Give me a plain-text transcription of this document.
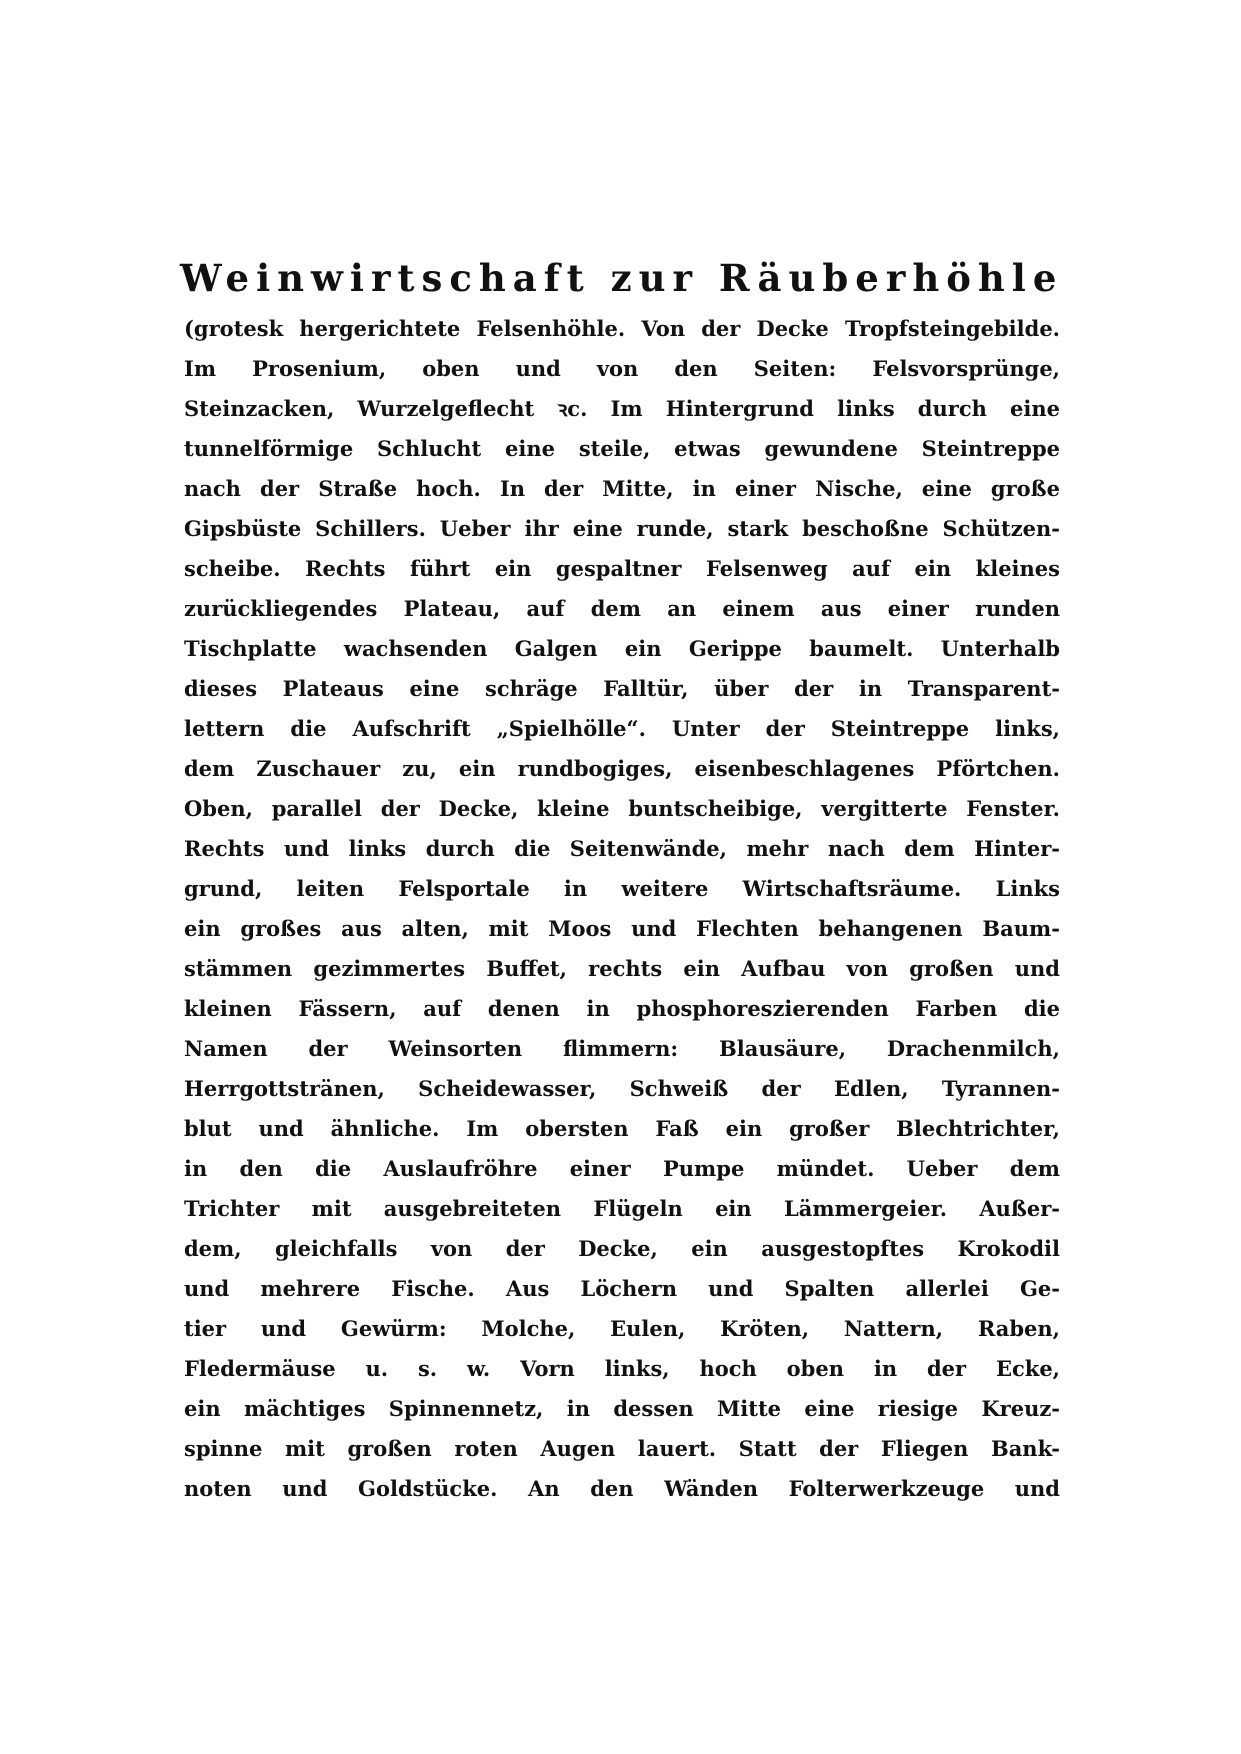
Weinwirtschaft zur Räuberhöhle
(grotesk hergerichtete Felsenhöhle. Von der Decke Tropfsteingebilde.
Im Prosenium, oben und von den Seiten: Felsvorsprünge,
Steinzacken, Wurzelgeflecht ꝛc. Im Hintergrund links durch eine
tunnelförmige Schlucht eine steile, etwas gewundene Steintreppe
nach der Straße hoch. In der Mitte, in einer Nische, eine große
Gipsbüste Schillers. Ueber ihr eine runde, stark beschoßne Schützen-
scheibe. Rechts führt ein gespaltner Felsenweg auf ein kleines
zurückliegendes Plateau, auf dem an einem aus einer runden
Tischplatte wachsenden Galgen ein Gerippe baumelt. Unterhalb
dieses Plateaus eine schräge Falltür, über der in Transparent-
lettern die Aufschrift „Spielhölle“. Unter der Steintreppe links,
dem Zuschauer zu, ein rundbogiges, eisenbeschlagenes Pförtchen.
Oben, parallel der Decke, kleine buntscheibige, vergitterte Fenster.
Rechts und links durch die Seitenwände, mehr nach dem Hinter-
grund, leiten Felsportale in weitere Wirtschaftsräume. Links
ein großes aus alten, mit Moos und Flechten behangenen Baum-
stämmen gezimmertes Buffet, rechts ein Aufbau von großen und
kleinen Fässern, auf denen in phosphoreszierenden Farben die
Namen der Weinsorten flimmern: Blausäure, Drachenmilch,
Herrgottstränen, Scheidewasser, Schweiß der Edlen, Tyrannen-
blut und ähnliche. Im obersten Faß ein großer Blechtrichter,
in den die Auslaufröhre einer Pumpe mündet. Ueber dem
Trichter mit ausgebreiteten Flügeln ein Lämmergeier. Außer-
dem, gleichfalls von der Decke, ein ausgestopftes Krokodil
und mehrere Fische. Aus Löchern und Spalten allerlei Ge-
tier und Gewürm: Molche, Eulen, Kröten, Nattern, Raben,
Fledermäuse u. s. w. Vorn links, hoch oben in der Ecke,
ein mächtiges Spinnennetz, in dessen Mitte eine riesige Kreuz-
spinne mit großen roten Augen lauert. Statt der Fliegen Bank-
noten und Goldstücke. An den Wänden Folterwerkzeuge und
